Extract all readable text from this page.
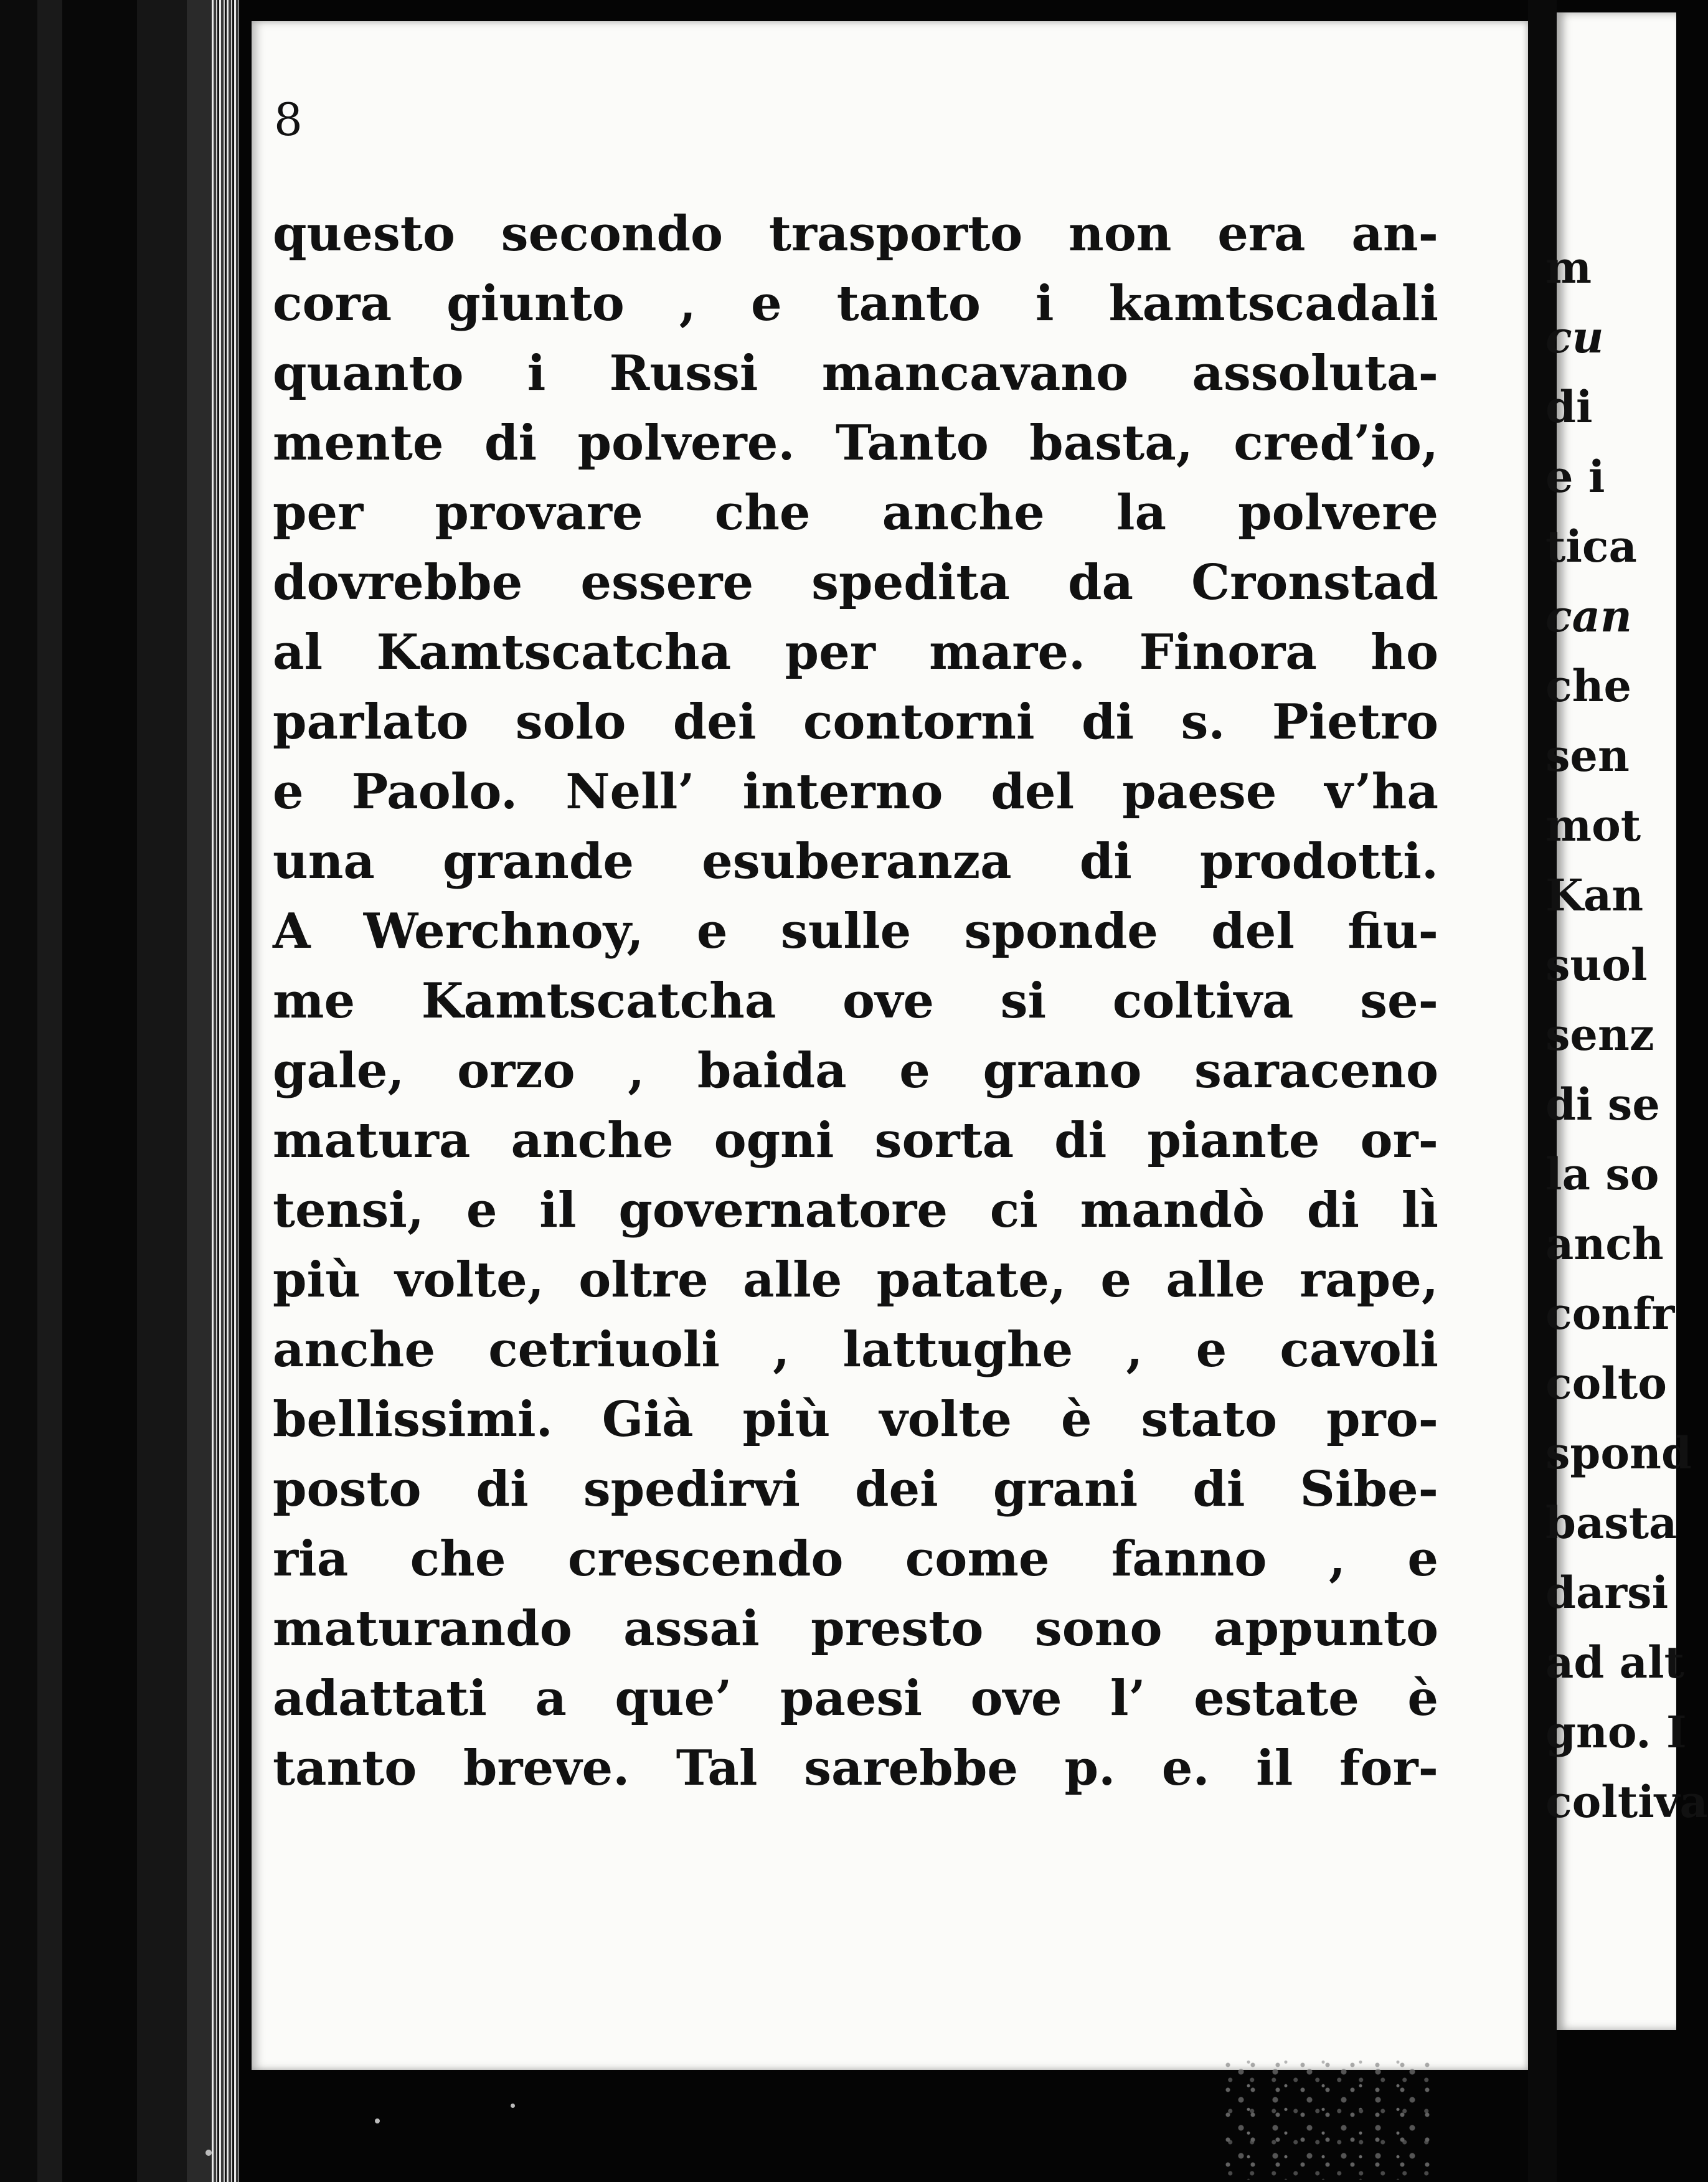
8
questo secondo trasporto non era an-
cora giunto , e tanto i kamtscadali
quanto i Russi mancavano assoluta-
mente di polvere. Tanto basta, cred’io,
per provare che anche la polvere
dovrebbe essere spedita da Cronstad
al Kamtscatcha per mare. Finora ho
parlato solo dei contorni di s. Pietro
e Paolo. Nell’ interno del paese v’ha
una grande esuberanza di prodotti.
A Werchnoy, e sulle sponde del fiu-
me Kamtscatcha ove si coltiva se-
gale, orzo , baida e grano saraceno
matura anche ogni sorta di piante or-
tensi, e il governatore ci mandò di lì
più volte, oltre alle patate, e alle rape,
anche cetriuoli , lattughe , e cavoli
bellissimi. Già più volte è stato pro-
posto di spedirvi dei grani di Sibe-
ria che crescendo come fanno , e
maturando assai presto sono appunto
adattati a que’ paesi ove l’ estate è
tanto breve. Tal sarebbe p. e. il for-
m
cu
di
e i
tica
can
che
sen
mot
Kan
suol
senz
di se
la so
anch
confr
colto
spond
basta
darsi
ad alt
gno. I
coltiva
